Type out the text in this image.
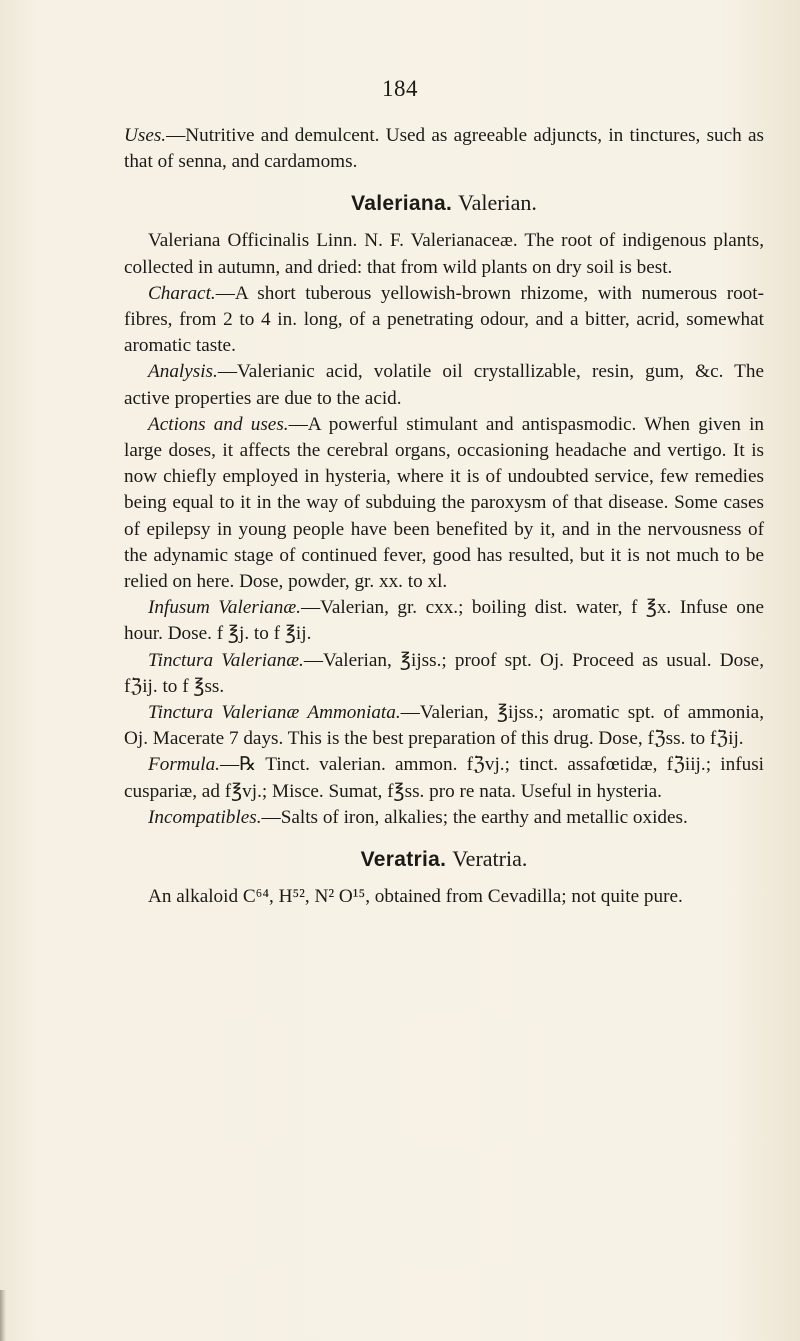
184

Uses.—Nutritive and demulcent. Used as agreeable adjuncts, in tinctures, such as that of senna, and cardamoms.

Valeriana. Valerian.

Valeriana Officinalis Linn. N. F. Valerianaceæ. The root of indigenous plants, collected in autumn, and dried: that from wild plants on dry soil is best.

Charact.—A short tuberous yellowish-brown rhizome, with numerous root-fibres, from 2 to 4 in. long, of a penetrating odour, and a bitter, acrid, somewhat aromatic taste.

Analysis.—Valerianic acid, volatile oil crystallizable, resin, gum, &c. The active properties are due to the acid.

Actions and uses.—A powerful stimulant and antispasmodic. When given in large doses, it affects the cerebral organs, occasioning headache and vertigo. It is now chiefly employed in hysteria, where it is of undoubted service, few remedies being equal to it in the way of subduing the paroxysm of that disease. Some cases of epilepsy in young people have been benefited by it, and in the nervousness of the adynamic stage of continued fever, good has resulted, but it is not much to be relied on here. Dose, powder, gr. xx. to xl.

Infusum Valerianæ.—Valerian, gr. cxx.; boiling dist. water, f ℥x. Infuse one hour. Dose. f ℥j. to f ℥ij.

Tinctura Valerianæ.—Valerian, ℥ijss.; proof spt. Oj. Proceed as usual. Dose, fℨij. to f ℥ss.

Tinctura Valerianæ Ammoniata.—Valerian, ℥ijss.; aromatic spt. of ammonia, Oj. Macerate 7 days. This is the best preparation of this drug. Dose, fℨss. to fℨij.

Formula.—℞ Tinct. valerian. ammon. fℨvj.; tinct. assafœtidæ, fℨiij.; infusi cuspariæ, ad f℥vj.; Misce. Sumat, f℥ss. pro re nata. Useful in hysteria.

Incompatibles.—Salts of iron, alkalies; the earthy and metallic oxides.

Veratria. Veratria.

An alkaloid C⁶⁴, H⁵², N² O¹⁵, obtained from Cevadilla; not quite pure.
